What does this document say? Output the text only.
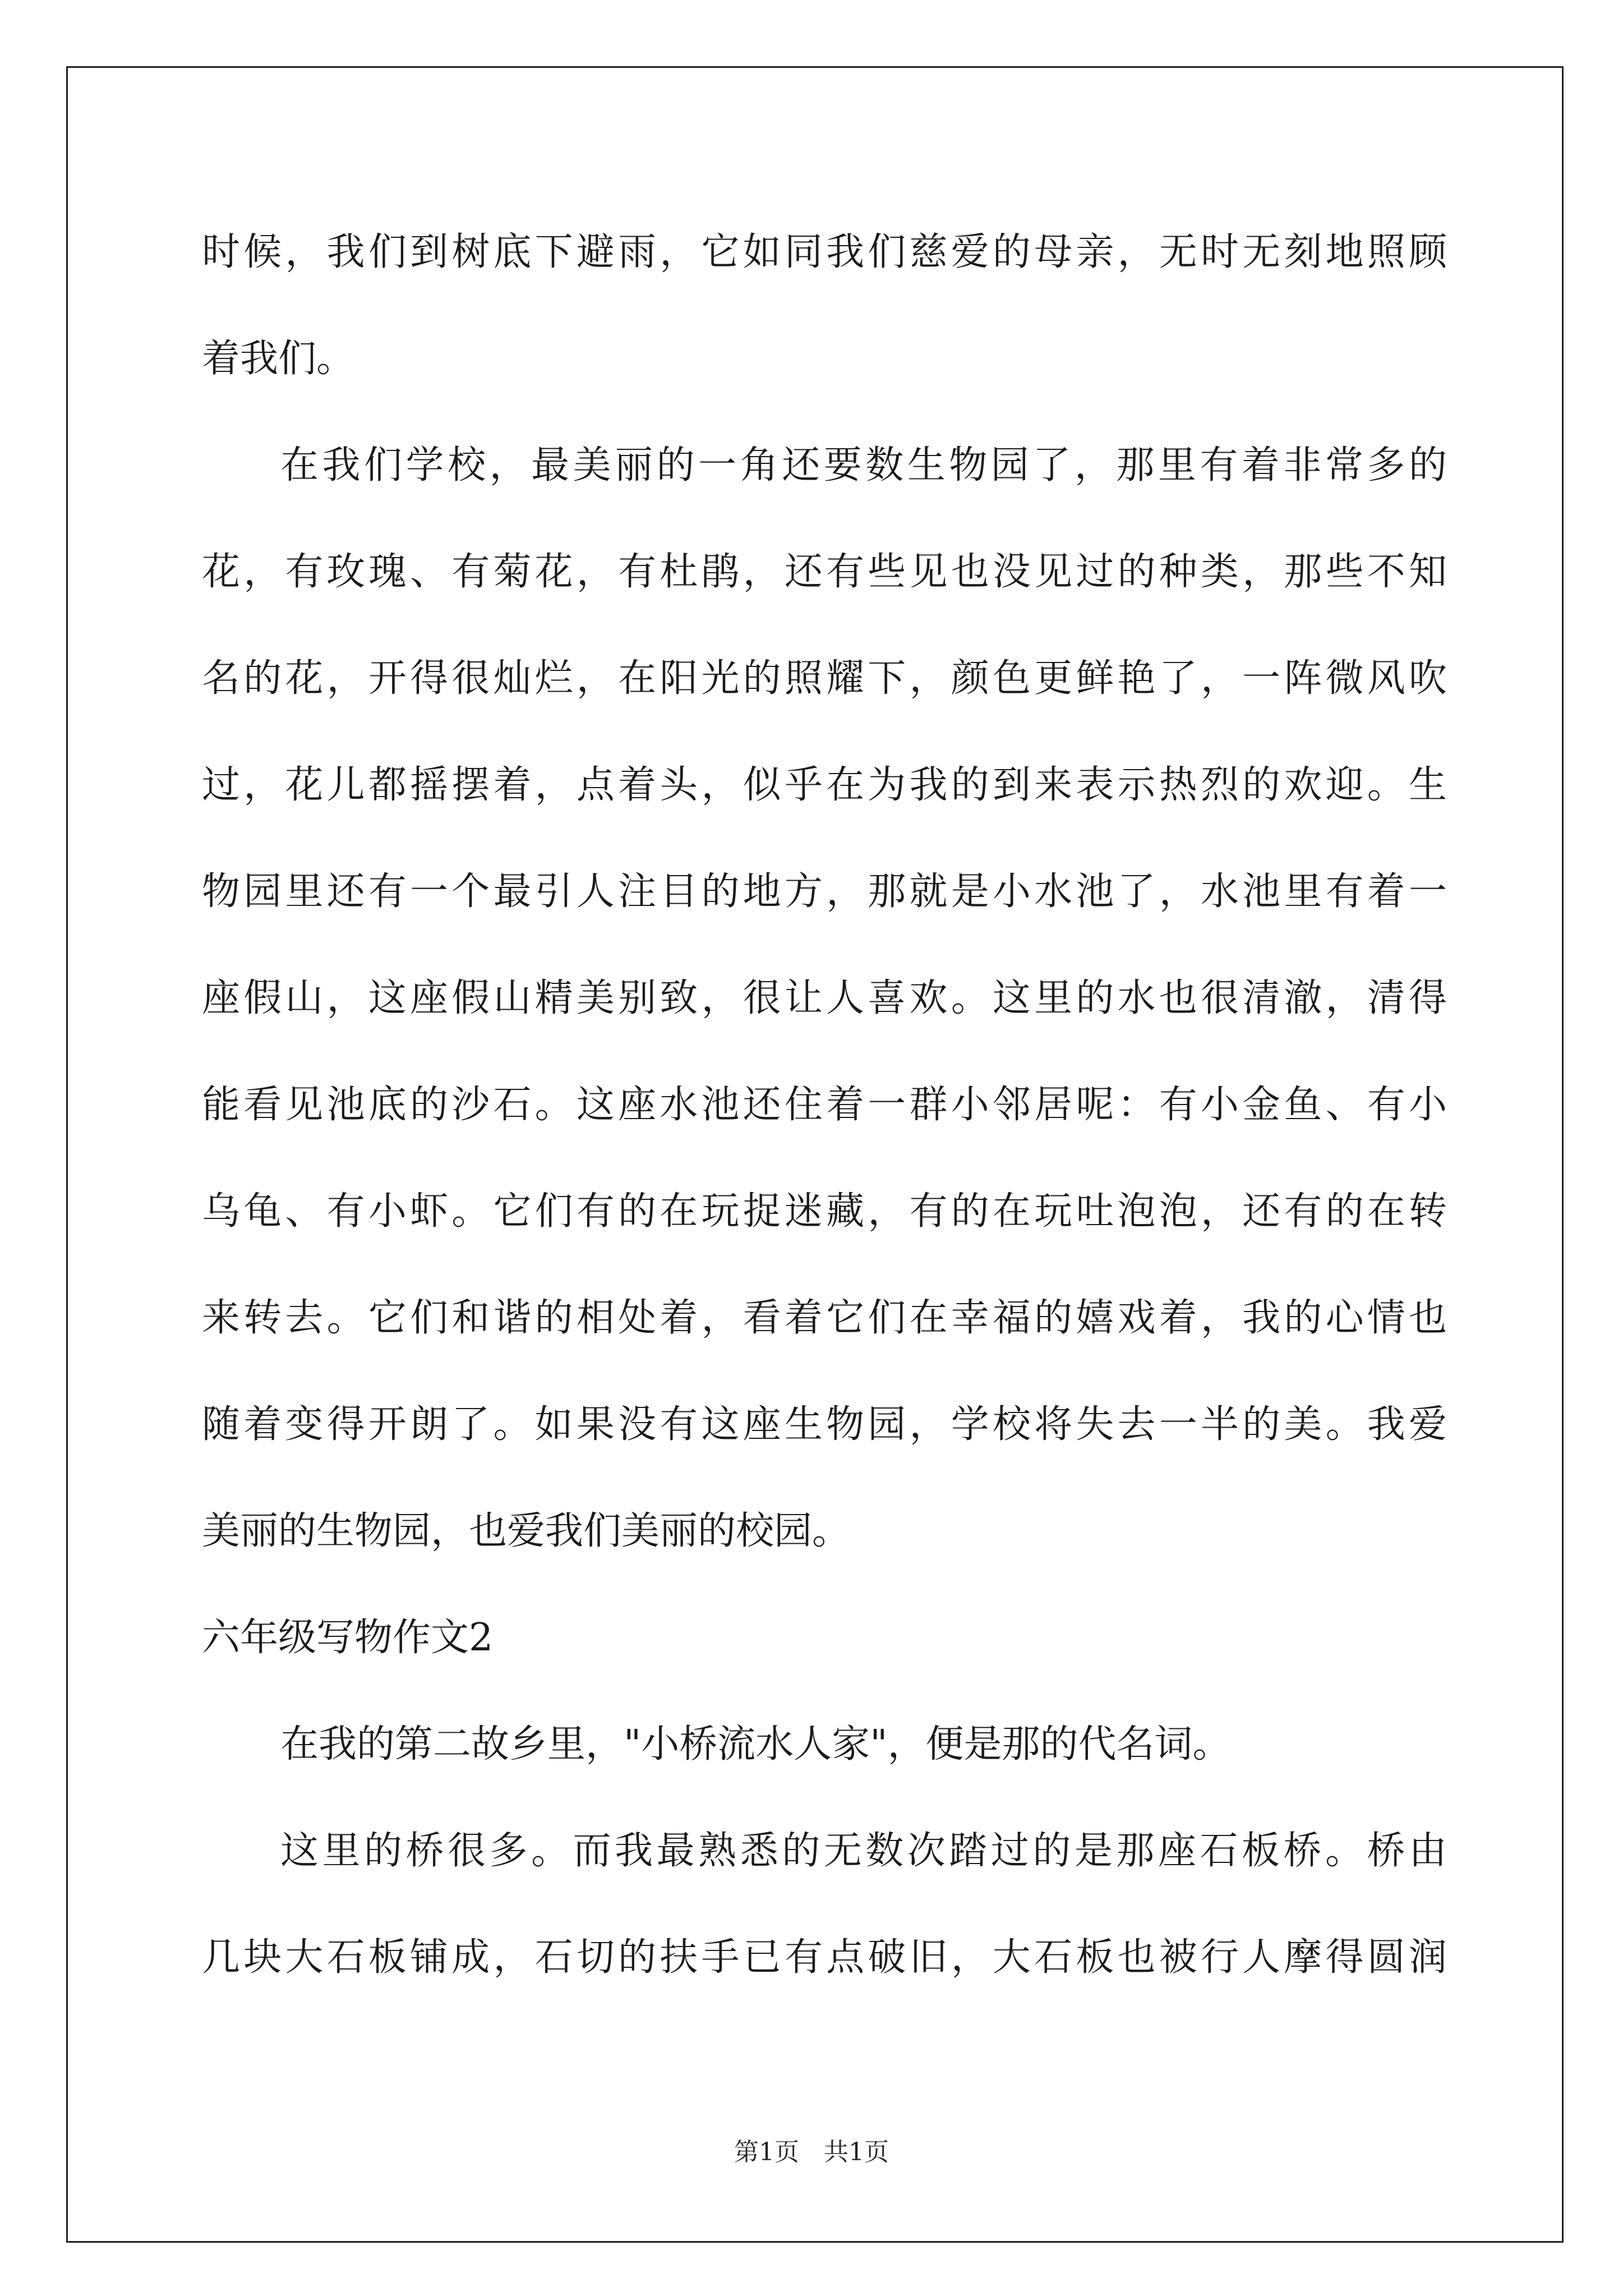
时候，我们到树底下避雨，它如同我们慈爱的母亲，无时无刻地照顾
着我们。
在我们学校，最美丽的一角还要数生物园了，那里有着非常多的
花，有玫瑰、有菊花，有杜鹃，还有些见也没见过的种类，那些不知
名的花，开得很灿烂，在阳光的照耀下，颜色更鲜艳了，一阵微风吹
过，花儿都摇摆着，点着头，似乎在为我的到来表示热烈的欢迎。生
物园里还有一个最引人注目的地方，那就是小水池了，水池里有着一
座假山，这座假山精美别致，很让人喜欢。这里的水也很清澈，清得
能看见池底的沙石。这座水池还住着一群小邻居呢：有小金鱼、有小
乌龟、有小虾。它们有的在玩捉迷藏，有的在玩吐泡泡，还有的在转
来转去。它们和谐的相处着，看着它们在幸福的嬉戏着，我的心情也
随着变得开朗了。如果没有这座生物园，学校将失去一半的美。我爱
美丽的生物园，也爱我们美丽的校园。
六年级写物作文2
在我的第二故乡里，"小桥流水人家"，便是那的代名词。
这里的桥很多。而我最熟悉的无数次踏过的是那座石板桥。桥由
几块大石板铺成，石切的扶手已有点破旧，大石板也被行人摩得圆润
第1页　共1页
